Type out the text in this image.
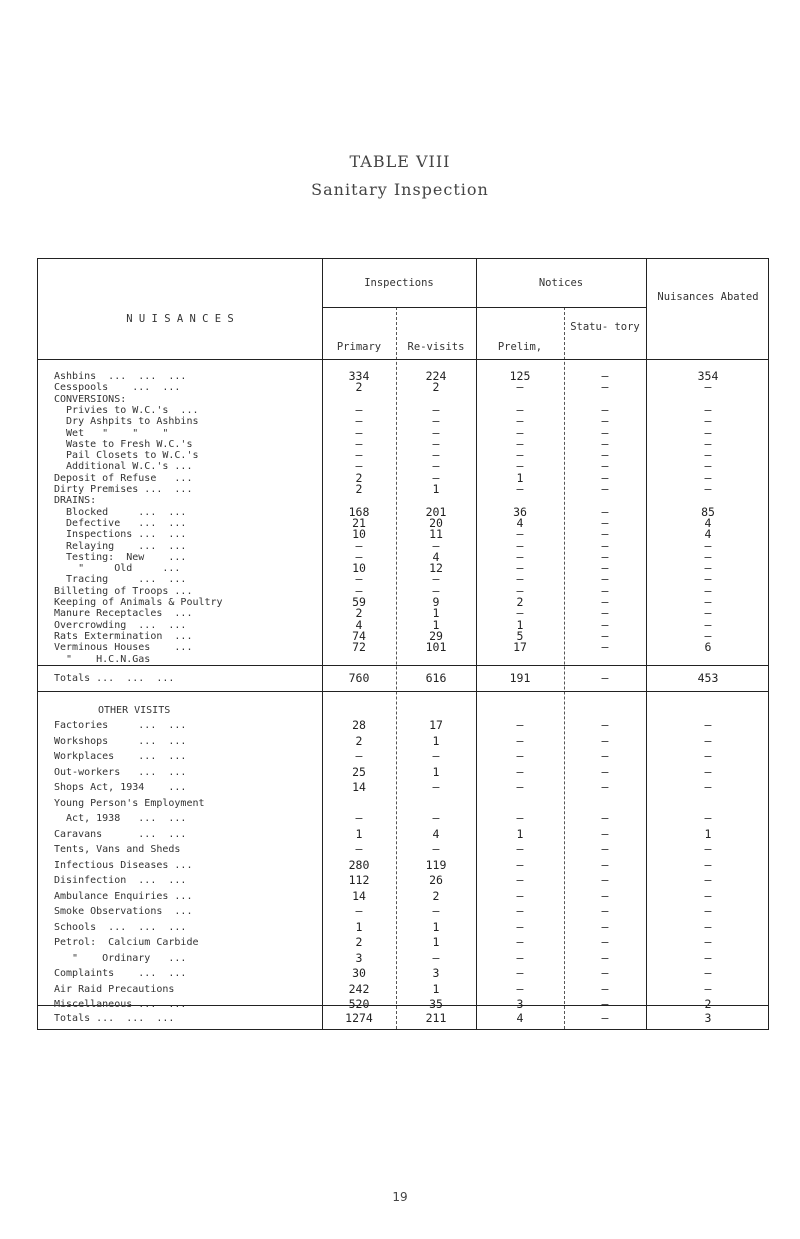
TABLE VIII
Sanitary Inspection
N U I S A N C E S
Inspections	Notices
Nuisances Abated
Primary	Re-visits	Prelim,
Statu- tory
Ashbins  ...  ...  ...	334	224	125	–	354
Cesspools    ...  ...	2	2	–	–	–
CONVERSIONS:
Privies to W.C.'s  ...	–	–	–	–	–
Dry Ashpits to Ashbins	–	–	–	–	–
Wet   "    "    "	–	–	–	–	–
Waste to Fresh W.C.'s	–	–	–	–	–
Pail Closets to W.C.'s	–	–	–	–	–
Additional W.C.'s ...	–	–	–	–	–
Deposit of Refuse   ...	2	–	1	–	–
Dirty Premises ...  ...	2	1	–	–	–
DRAINS:
Blocked     ...  ...	168	201	36	–	85
Defective   ...  ...	21	20	4	–	4
Inspections ...  ...	10	11	–	–	4
Relaying    ...  ...	–	–	–	–	–
Testing:  New    ...	–	4	–	–	–
"     Old     ...	10	12	–	–	–
Tracing     ...  ...	–	–	–	–	–
Billeting of Troops ...	–	–	–	–	–
Keeping of Animals & Poultry	59	9	2	–	–
Manure Receptacles  ...	2	1	–	–	–
Overcrowding  ...  ...	4	1	1	–	–
Rats Extermination  ...	74	29	5	–	–
Verminous Houses    ...	72	101	17	–	6
"    H.C.N.Gas
Totals ...  ...  ...	760	616	191	–	453
OTHER VISITS
Factories     ...  ...	28	17	–	–	–
Workshops     ...  ...	2	1	–	–	–
Workplaces    ...  ...	–	–	–	–	–
Out-workers   ...  ...	25	1	–	–	–
Shops Act, 1934    ...	14	–	–	–	–
Young Person's Employment
Act, 1938   ...  ...	–	–	–	–	–
Caravans      ...  ...	1	4	1	–	1
Tents, Vans and Sheds	–	–	–	–	–
Infectious Diseases ...	280	119	–	–	–
Disinfection  ...  ...	112	26	–	–	–
Ambulance Enquiries ...	14	2	–	–	–
Smoke Observations  ...	–	–	–	–	–
Schools  ...  ...  ...	1	1	–	–	–
Petrol:  Calcium Carbide	2	1	–	–	–
"    Ordinary   ...	3	–	–	–	–
Complaints    ...  ...	30	3	–	–	–
Air Raid Precautions	242	1	–	–	–
Miscellaneous ...  ...	520	35	3	–	2
Totals ...  ...  ...	1274	211	4	–	3
19
